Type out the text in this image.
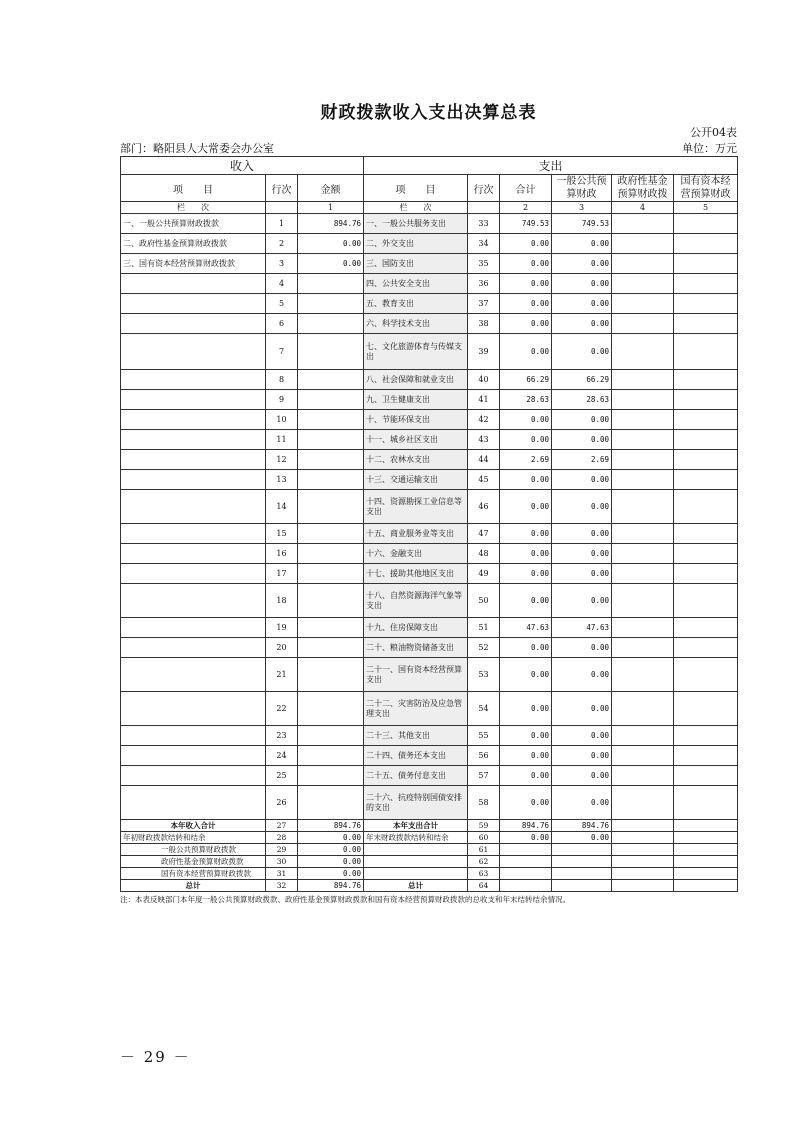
财政拨款收入支出决算总表
公开04表
部门：略阳县人大常委会办公室	单位：万元
收入			支出					
项　　目	行次	金额	项　　目	行次	合计	一般公共预算财政	政府性基金预算财政拨	国有资本经营预算财政
栏　　次		1	栏　　次		2	3	4	5
一、一般公共预算财政拨款	1	894.76	一、一般公共服务支出	33	749.53	749.53		
二、政府性基金预算财政拨款	2	0.00	二、外交支出	34	0.00	0.00		
三、国有资本经营预算财政拨款	3	0.00	三、国防支出	35	0.00	0.00		
	4		四、公共安全支出	36	0.00	0.00		
	5		五、教育支出	37	0.00	0.00		
	6		六、科学技术支出	38	0.00	0.00		
	7		七、文化旅游体育与传媒支出	39	0.00	0.00		
	8		八、社会保障和就业支出	40	66.29	66.29		
	9		九、卫生健康支出	41	28.63	28.63		
	10		十、节能环保支出	42	0.00	0.00		
	11		十一、城乡社区支出	43	0.00	0.00		
	12		十二、农林水支出	44	2.69	2.69		
	13		十三、交通运输支出	45	0.00	0.00		
	14		十四、资源勘探工业信息等支出	46	0.00	0.00		
	15		十五、商业服务业等支出	47	0.00	0.00		
	16		十六、金融支出	48	0.00	0.00		
	17		十七、援助其他地区支出	49	0.00	0.00		
	18		十八、自然资源海洋气象等支出	50	0.00	0.00		
	19		十九、住房保障支出	51	47.63	47.63		
	20		二十、粮油物资储备支出	52	0.00	0.00		
	21		二十一、国有资本经营预算支出	53	0.00	0.00		
	22		二十二、灾害防治及应急管理支出	54	0.00	0.00		
	23		二十三、其他支出	55	0.00	0.00		
	24		二十四、债务还本支出	56	0.00	0.00		
	25		二十五、债务付息支出	57	0.00	0.00		
	26		二十六、抗疫特别国债安排的支出	58	0.00	0.00		
本年收入合计	27	894.76	本年支出合计	59	894.76	894.76		
年初财政拨款结转和结余	28	0.00	年末财政拨款结转和结余	60	0.00	0.00		
一般公共预算财政拨款	29	0.00		61				
政府性基金预算财政拨款	30	0.00		62				
国有资本经营预算财政拨款	31	0.00		63				
总计	32	894.76	总计	64				
注：本表反映部门本年度一般公共预算财政拨款、政府性基金预算财政拨款和国有资本经营预算财政拨款的总收支和年末结转结余情况。
－ 29 －
